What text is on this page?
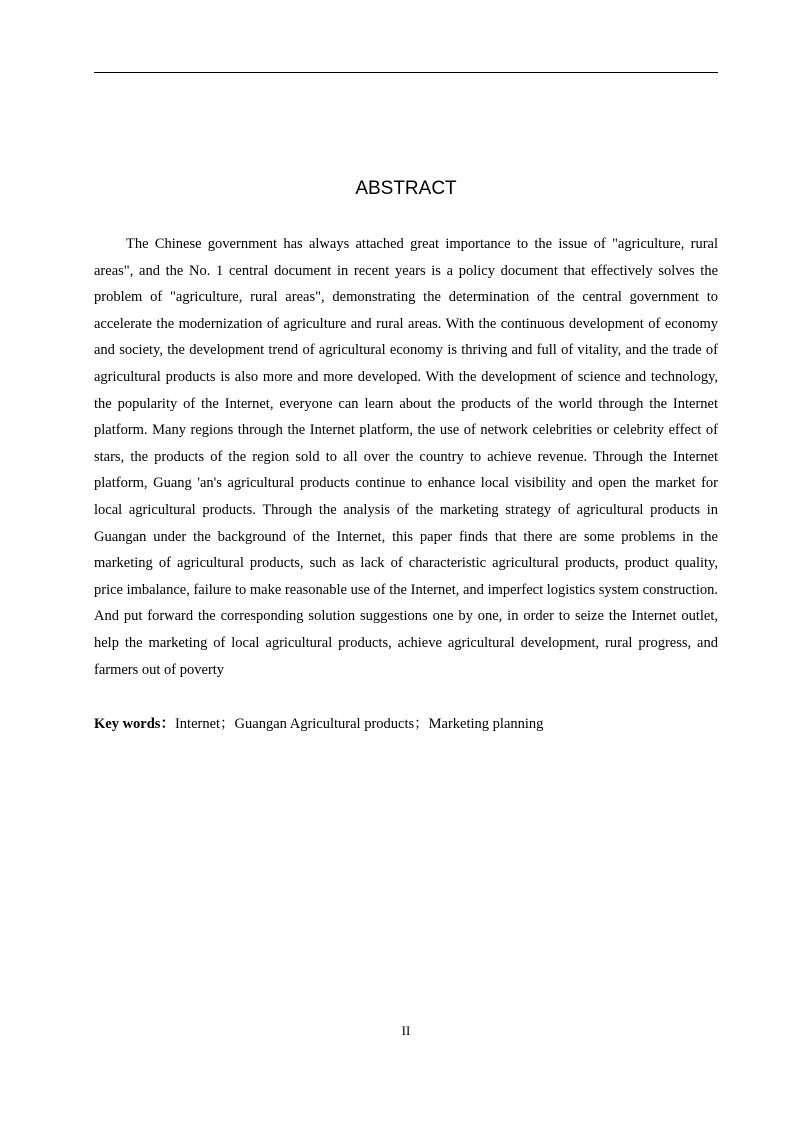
ABSTRACT

The Chinese government has always attached great importance to the issue of "agriculture, rural areas", and the No. 1 central document in recent years is a policy document that effectively solves the problem of "agriculture, rural areas", demonstrating the determination of the central government to accelerate the modernization of agriculture and rural areas. With the continuous development of economy and society, the development trend of agricultural economy is thriving and full of vitality, and the trade of agricultural products is also more and more developed. With the development of science and technology, the popularity of the Internet, everyone can learn about the products of the world through the Internet platform. Many regions through the Internet platform, the use of network celebrities or celebrity effect of stars, the products of the region sold to all over the country to achieve revenue. Through the Internet platform, Guang 'an's agricultural products continue to enhance local visibility and open the market for local agricultural products. Through the analysis of the marketing strategy of agricultural products in Guangan under the background of the Internet, this paper finds that there are some problems in the marketing of agricultural products, such as lack of characteristic agricultural products, product quality, price imbalance, failure to make reasonable use of the Internet, and imperfect logistics system construction. And put forward the corresponding solution suggestions one by one, in order to seize the Internet outlet, help the marketing of local agricultural products, achieve agricultural development, rural progress, and farmers out of poverty

Key words：Internet；Guangan Agricultural products；Marketing planning

II
